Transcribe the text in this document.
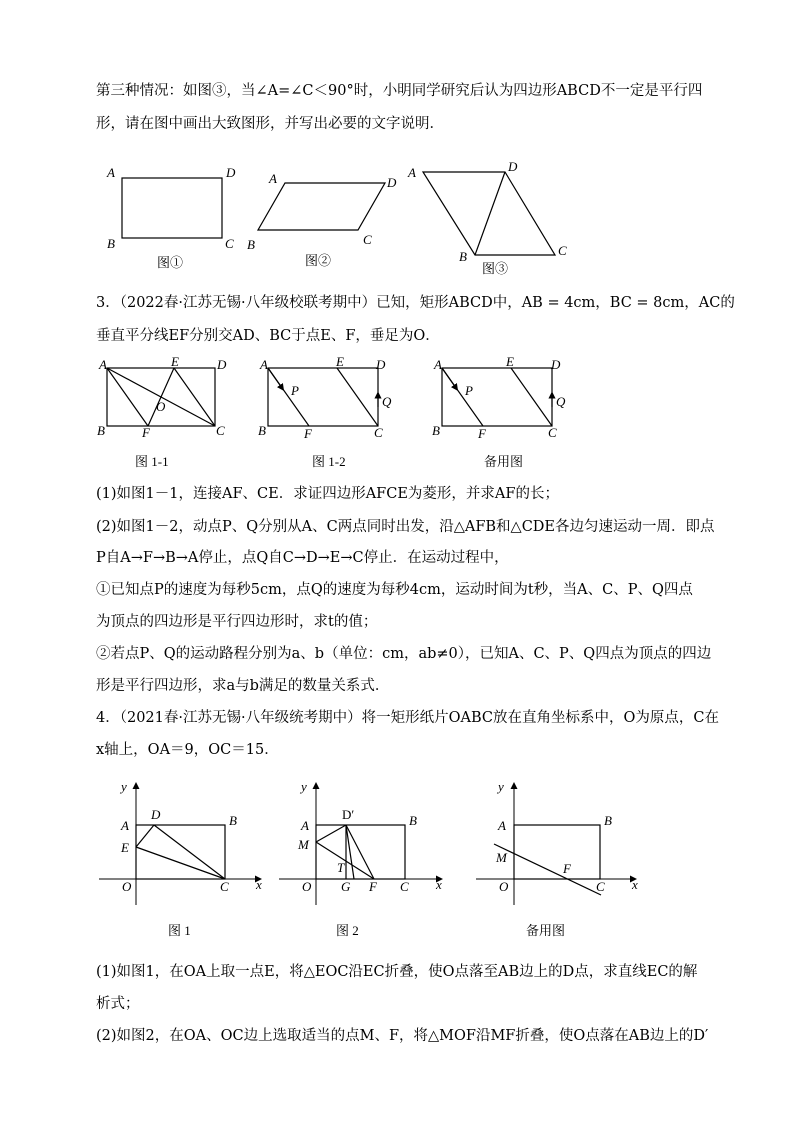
第三种情况：如图③，当∠A=∠C＜90°时，小明同学研究后认为四边形ABCD不一定是平行四
形，请在图中画出大致图形，并写出必要的文字说明．
A	D
B	C
图①
A	D
B	C
图②
A	D
B	C
图③
3．（2022春·江苏无锡·八年级校联考期中）已知，矩形ABCD中，AB = 4cm，BC = 8cm，AC的
垂直平分线EF分别交AD、BC于点E、F，垂足为O．
A	D
E
O
B	F	C
图 1-1
A	D
E
P
Q
B	F	C
图 1-2
A	D
E
P
Q
B	F	C
备用图
(1)如图1－1，连接AF、CE．求证四边形AFCE为菱形，并求AF的长；
(2)如图1－2，动点P、Q分别从A、C两点同时出发，沿△AFB和△CDE各边匀速运动一周．即点
P自A→F→B→A停止，点Q自C→D→E→C停止．在运动过程中，
①已知点P的速度为每秒5cm，点Q的速度为每秒4cm，运动时间为t秒，当A、C、P、Q四点
为顶点的四边形是平行四边形时，求t的值；
②若点P、Q的运动路程分别为a、b（单位：cm，ab≠0），已知A、C、P、Q四点为顶点的四边
形是平行四边形，求a与b满足的数量关系式．
4．（2021春·江苏无锡·八年级统考期中）将一矩形纸片OABC放在直角坐标系中，O为原点，C在
x轴上，OA＝9，OC＝15．
y
x
O
A
D	B
E
C
图 1
y
x
O
A
D′	B
M
T
G F C
图 2
y
x
O
A	B
M
F
C
备用图
(1)如图1，在OA上取一点E，将△EOC沿EC折叠，使O点落至AB边上的D点，求直线EC的解
析式；
(2)如图2，在OA、OC边上选取适当的点M、F，将△MOF沿MF折叠，使O点落在AB边上的D′
